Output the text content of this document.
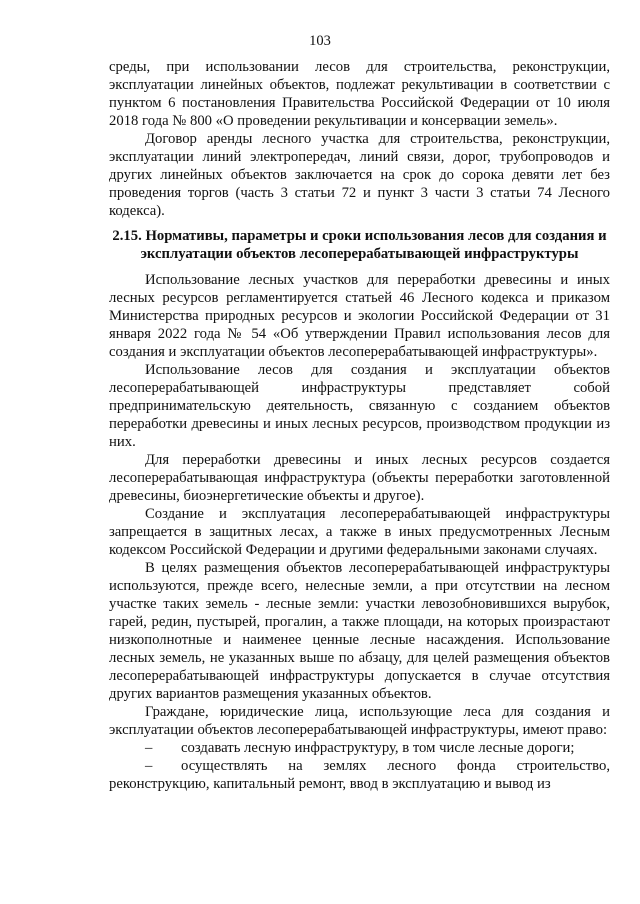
103

среды, при использовании лесов для строительства, реконструкции, эксплуатации линейных объектов, подлежат рекультивации в соответствии с пунктом 6 постановления Правительства Российской Федерации от 10 июля 2018 года № 800 «О проведении рекультивации и консервации земель».

Договор аренды лесного участка для строительства, реконструкции, эксплуатации линий электропередач, линий связи, дорог, трубопроводов и других линейных объектов заключается на срок до сорока девяти лет без проведения торгов (часть 3 статьи 72 и пункт 3 части 3 статьи 74 Лесного кодекса).

2.15. Нормативы, параметры и сроки использования лесов для создания и эксплуатации объектов лесоперерабатывающей инфраструктуры

Использование лесных участков для переработки древесины и иных лесных ресурсов регламентируется статьей 46 Лесного кодекса и приказом Министерства природных ресурсов и экологии Российской Федерации от 31 января 2022 года № 54 «Об утверждении Правил использования лесов для создания и эксплуатации объектов лесоперерабатывающей инфраструктуры».

Использование лесов для создания и эксплуатации объектов лесоперерабатывающей инфраструктуры представляет собой предпринимательскую деятельность, связанную с созданием объектов переработки древесины и иных лесных ресурсов, производством продукции из них.

Для переработки древесины и иных лесных ресурсов создается лесоперерабатывающая инфраструктура (объекты переработки заготовленной древесины, биоэнергетические объекты и другое).

Создание и эксплуатация лесоперерабатывающей инфраструктуры запрещается в защитных лесах, а также в иных предусмотренных Лесным кодексом Российской Федерации и другими федеральными законами случаях.

В целях размещения объектов лесоперерабатывающей инфраструктуры используются, прежде всего, нелесные земли, а при отсутствии на лесном участке таких земель - лесные земли: участки левозобновившихся вырубок, гарей, редин, пустырей, прогалин, а также площади, на которых произрастают низкополнотные и наименее ценные лесные насаждения. Использование лесных земель, не указанных выше по абзацу, для целей размещения объектов лесоперерабатывающей инфраструктуры допускается в случае отсутствия других вариантов размещения указанных объектов.

Граждане, юридические лица, использующие леса для создания и эксплуатации объектов лесоперерабатывающей инфраструктуры, имеют право:

–	создавать лесную инфраструктуру, в том числе лесные дороги;

–	осуществлять на землях лесного фонда строительство, реконструкцию, капитальный ремонт, ввод в эксплуатацию и вывод из
